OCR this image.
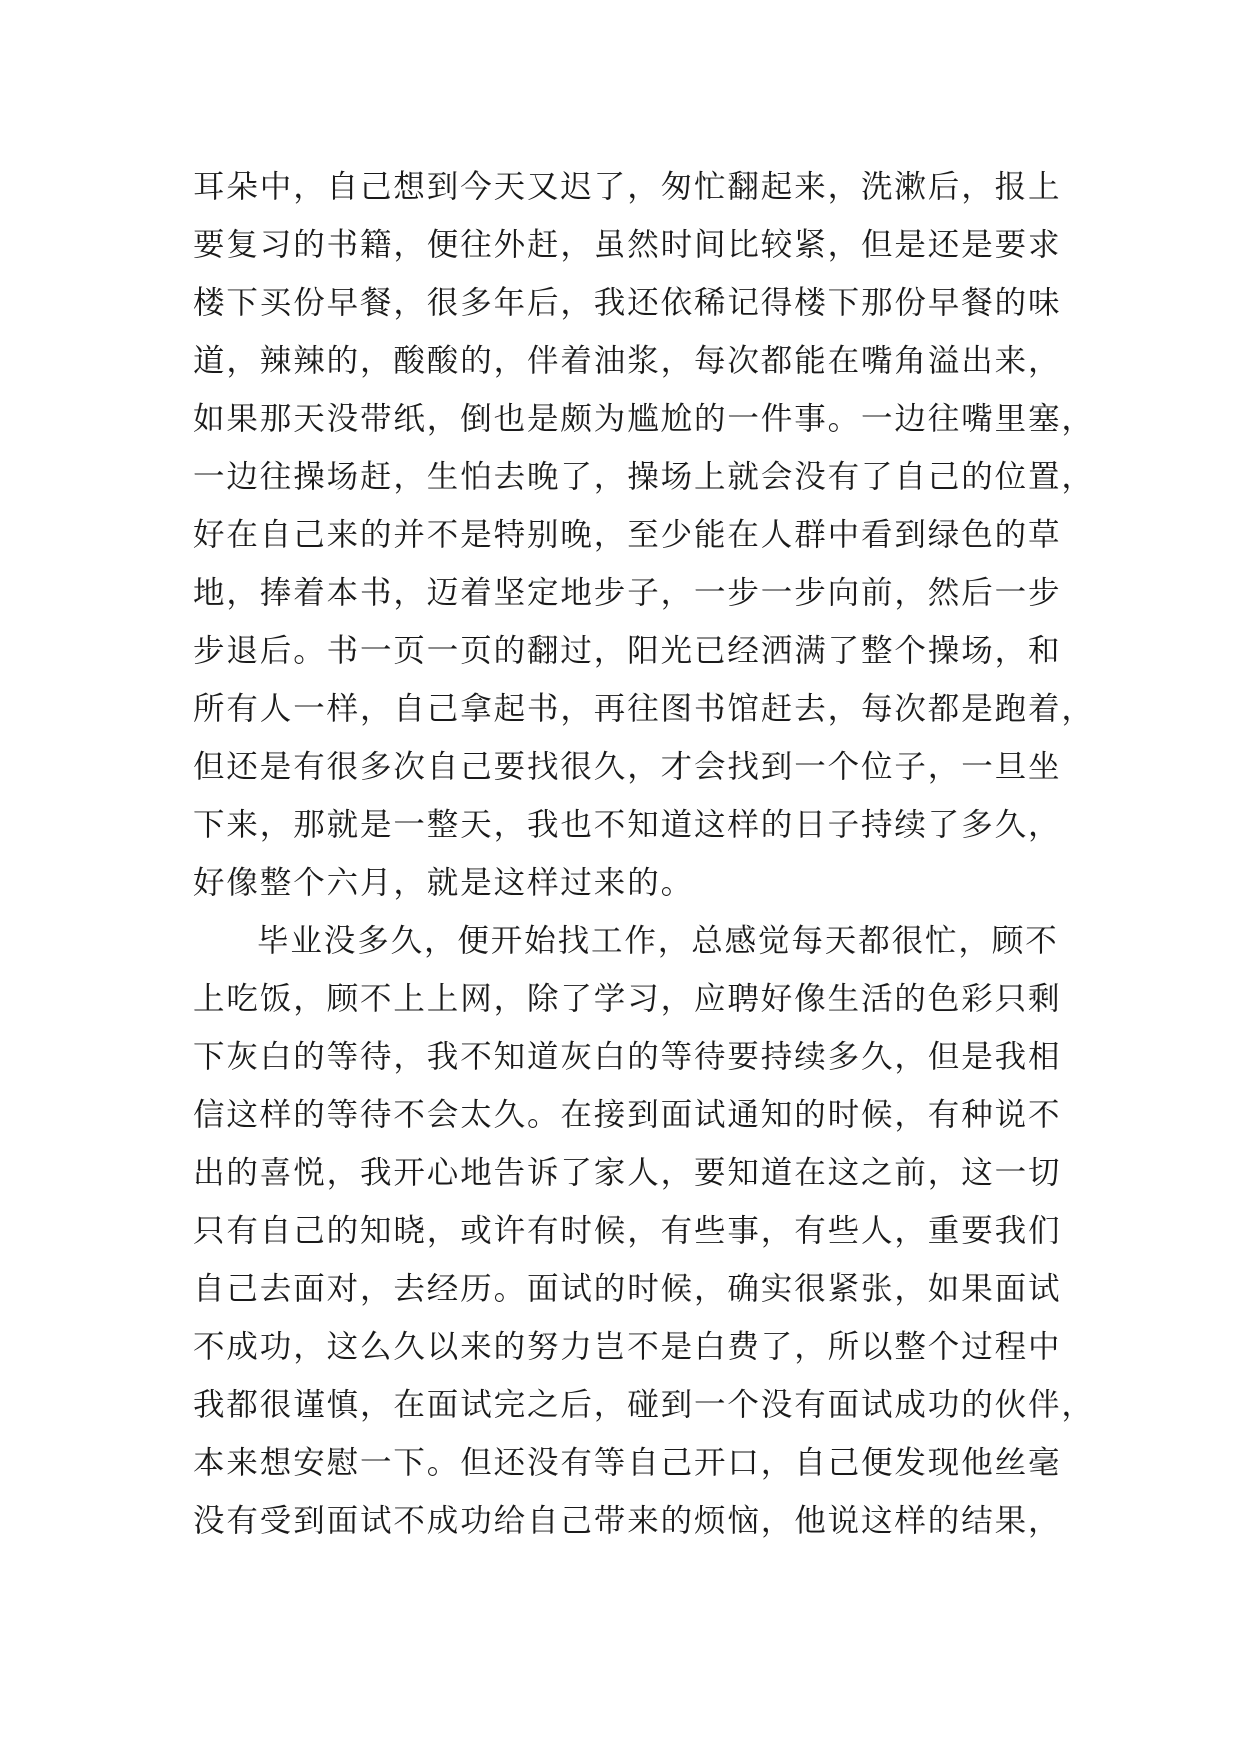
耳朵中，自己想到今天又迟了，匆忙翻起来，洗漱后，报上
要复习的书籍，便往外赶，虽然时间比较紧，但是还是要求
楼下买份早餐，很多年后，我还依稀记得楼下那份早餐的味
道，辣辣的，酸酸的，伴着油浆，每次都能在嘴角溢出来，
如果那天没带纸，倒也是颇为尴尬的一件事。一边往嘴里塞，
一边往操场赶，生怕去晚了，操场上就会没有了自己的位置，
好在自己来的并不是特别晚，至少能在人群中看到绿色的草
地，捧着本书，迈着坚定地步子，一步一步向前，然后一步
步退后。书一页一页的翻过，阳光已经洒满了整个操场，和
所有人一样，自己拿起书，再往图书馆赶去，每次都是跑着，
但还是有很多次自己要找很久，才会找到一个位子，一旦坐
下来，那就是一整天，我也不知道这样的日子持续了多久，
好像整个六月，就是这样过来的。
毕业没多久，便开始找工作，总感觉每天都很忙，顾不
上吃饭，顾不上上网，除了学习，应聘好像生活的色彩只剩
下灰白的等待，我不知道灰白的等待要持续多久，但是我相
信这样的等待不会太久。在接到面试通知的时候，有种说不
出的喜悦，我开心地告诉了家人，要知道在这之前，这一切
只有自己的知晓，或许有时候，有些事，有些人，重要我们
自己去面对，去经历。面试的时候，确实很紧张，如果面试
不成功，这么久以来的努力岂不是白费了，所以整个过程中
我都很谨慎，在面试完之后，碰到一个没有面试成功的伙伴，
本来想安慰一下。但还没有等自己开口，自己便发现他丝毫
没有受到面试不成功给自己带来的烦恼，他说这样的结果，
